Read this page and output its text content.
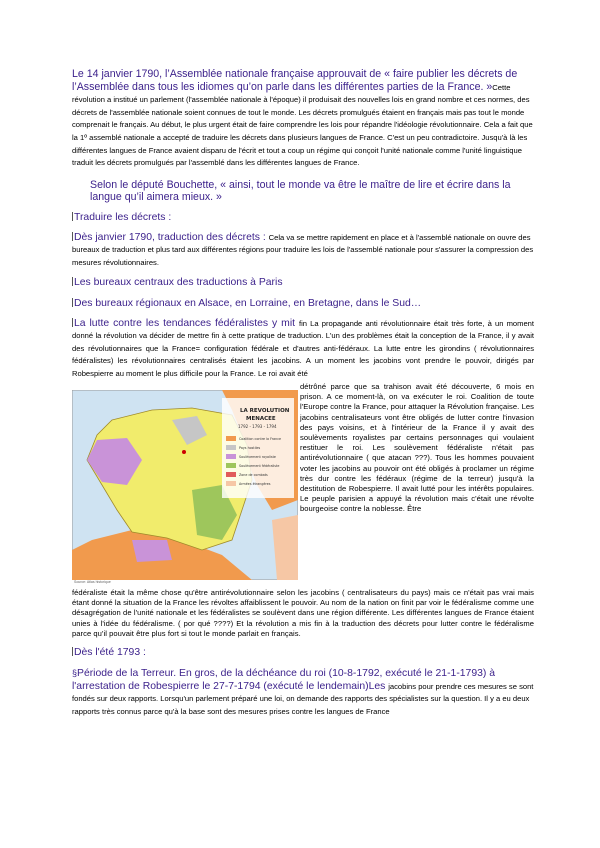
Le 14 janvier 1790, l’Assemblée nationale française approuvait de « faire publier les décrets de l’Assemblée dans tous les idiomes qu’on parle dans les différentes parties de la France. »Cette révolution a institué un parlement (l'assemblée nationale à l'époque) il produisait des nouvelles lois en grand nombre et ces normes, des décrets de l'assemblée nationale soient connues de tout le monde. Les décrets promulgués étaient en français mais pas tout le monde comprenait le français. Au début, le plus urgent était de faire comprendre les lois pour répandre l'idéologie révolutionnaire. Cela a fait que la 1º assemblé nationale a accepté de traduire les décrets dans plusieurs langues de France. C'est un peu contradictoire. Jusqu'à là les différentes langues de France avaient disparu de l'écrit et tout a coup un régime qui conçoit l'unité nationale comme l'unité linguistique traduit les décrets promulgués par l'assemblé dans les différentes langues de France.

Selon le député Bouchette, « ainsi, tout le monde va être le maître de lire et écrire dans la langue qu’il aimera mieux. »

Traduire les décrets :

Dès janvier 1790, traduction des décrets : Cela va se mettre rapidement en place et à l'assemblé nationale on ouvre des bureaux de traduction et plus tard aux différentes régions pour traduire les lois de l'assemblé nationale pour s'assurer la compression des mesures révolutionnaires.

Les bureaux centraux des traductions à Paris

Des bureaux régionaux en Alsace, en Lorraine, en Bretagne, dans le Sud…

La lutte contre les tendances fédéralistes y mit fin La propagande anti révolutionnaire était très forte, à un moment donné la révolution va décider de mettre fin à cette pratique de traduction. L'un des problèmes était la conception de la France, il y avait des révolutionnaires que la France= configuration fédérale et d'autres anti-fédéraux. La lutte entre les girondins ( révolutionnaires fédéralistes) les révolutionnaires centralisés étaient les jacobins. A un moment les jacobins vont prendre le pouvoir, dirigés par Robespierre au moment le plus difficile pour la France. Le roi avait été

LA REVOLUTION
MENACEE
1792 - 1793 - 1794
Coalition contre la France
Pays hostiles
Soulèvement royaliste
Soulèvement fédéraliste
Zone de combats
Armées étrangères
Source: Atlas historique

détrôné parce que sa trahison avait été découverte, 6 mois en prison. A ce moment-là, on va exécuter le roi. Coalition de toute l'Europe contre la France, pour attaquer la Révolution française. Les jacobins centralisateurs vont être obligés de lutter contre l'invasion des pays voisins, et à l'intérieur de la France il y avait des soulèvements royalistes par certains personnages qui voulaient restituer le roi. Les soulèvement fédéraliste n'était pas antirévolutionnaire ( que atacan ???). Tous les hommes pouvaient voter les jacobins au pouvoir ont été obligés à proclamer un régime très dur contre les fédéraux (régime de la terreur) jusqu'à la destitution de Robespierre. Il avait lutté pour les intérêts populaires. Le peuple parisien a appuyé la révolution mais c'était une révolte bourgeoise contre la noblesse. Être

fédéraliste était la même chose qu'être antirévolutionnaire selon les jacobins ( centralisateurs du pays) mais ce n'était pas vrai mais étant donné la situation de la France les révoltes affaiblissent le pouvoir. Au nom de la nation on finit par voir le fédéralisme comme une désagrégation de l'unité nationale et les fédéralistes se soulèvent dans une région différente. Les différentes langues de France étaient unies à l'idée du fédéralisme. ( por qué ????) Et la révolution a mis fin à la traduction des décrets pour lutter contre le fédéralisme parce qu'il pouvait être plus fort si tout le monde parlait en français.

Dès l'été 1793 :

§Période de la Terreur. En gros, de la déchéance du roi (10-8-1792, exécuté le 21-1-1793) à l'arrestation de Robespierre le 27-7-1794 (exécuté le lendemain)Les jacobins pour prendre ces mesures se sont fondés sur deux rapports. Lorsqu'un parlement préparé une loi, on demande des rapports des spécialistes sur la question. Il y a eu deux rapports très connus parce qu'à la base sont des mesures prises contre les langues de France
